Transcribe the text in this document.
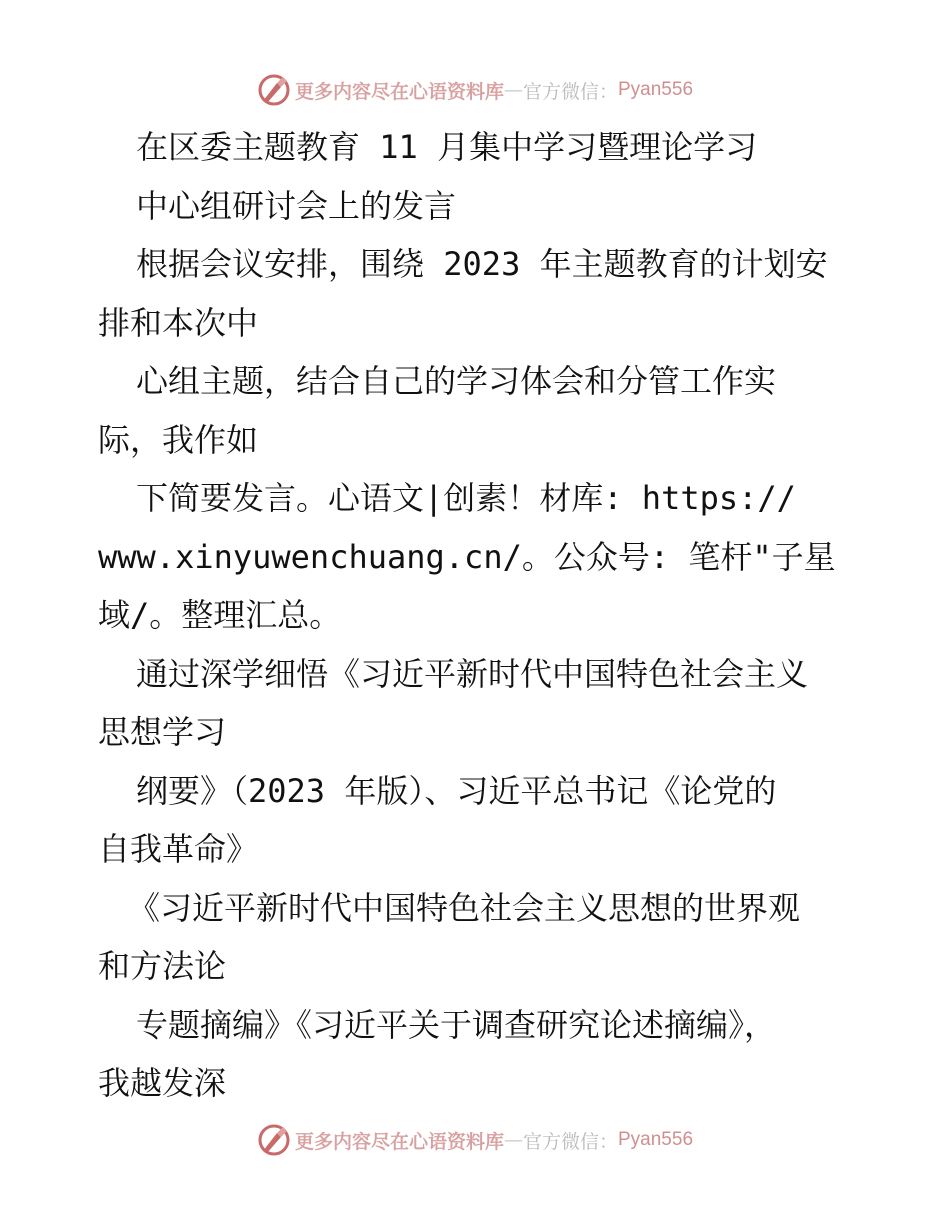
更多内容尽在心语资料库 — 官方微信： Pyan556
在区委主题教育 11 月集中学习暨理论学习
中心组研讨会上的发言
根据会议安排，围绕 2023 年主题教育的计划安
排和本次中
心组主题，结合自己的学习体会和分管工作实
际，我作如
下简要发言。心语文|创素！材库: https://
www.xinyuwenchuang.cn/。公众号: 笔杆"子星
域/。整理汇总。
通过深学细悟《习近平新时代中国特色社会主义
思想学习
纲要》（2023 年版）、习近平总书记《论党的
自我革命》
《习近平新时代中国特色社会主义思想的世界观
和方法论
专题摘编》《习近平关于调查研究论述摘编》，
我越发深
更多内容尽在心语资料库 — 官方微信： Pyan556
